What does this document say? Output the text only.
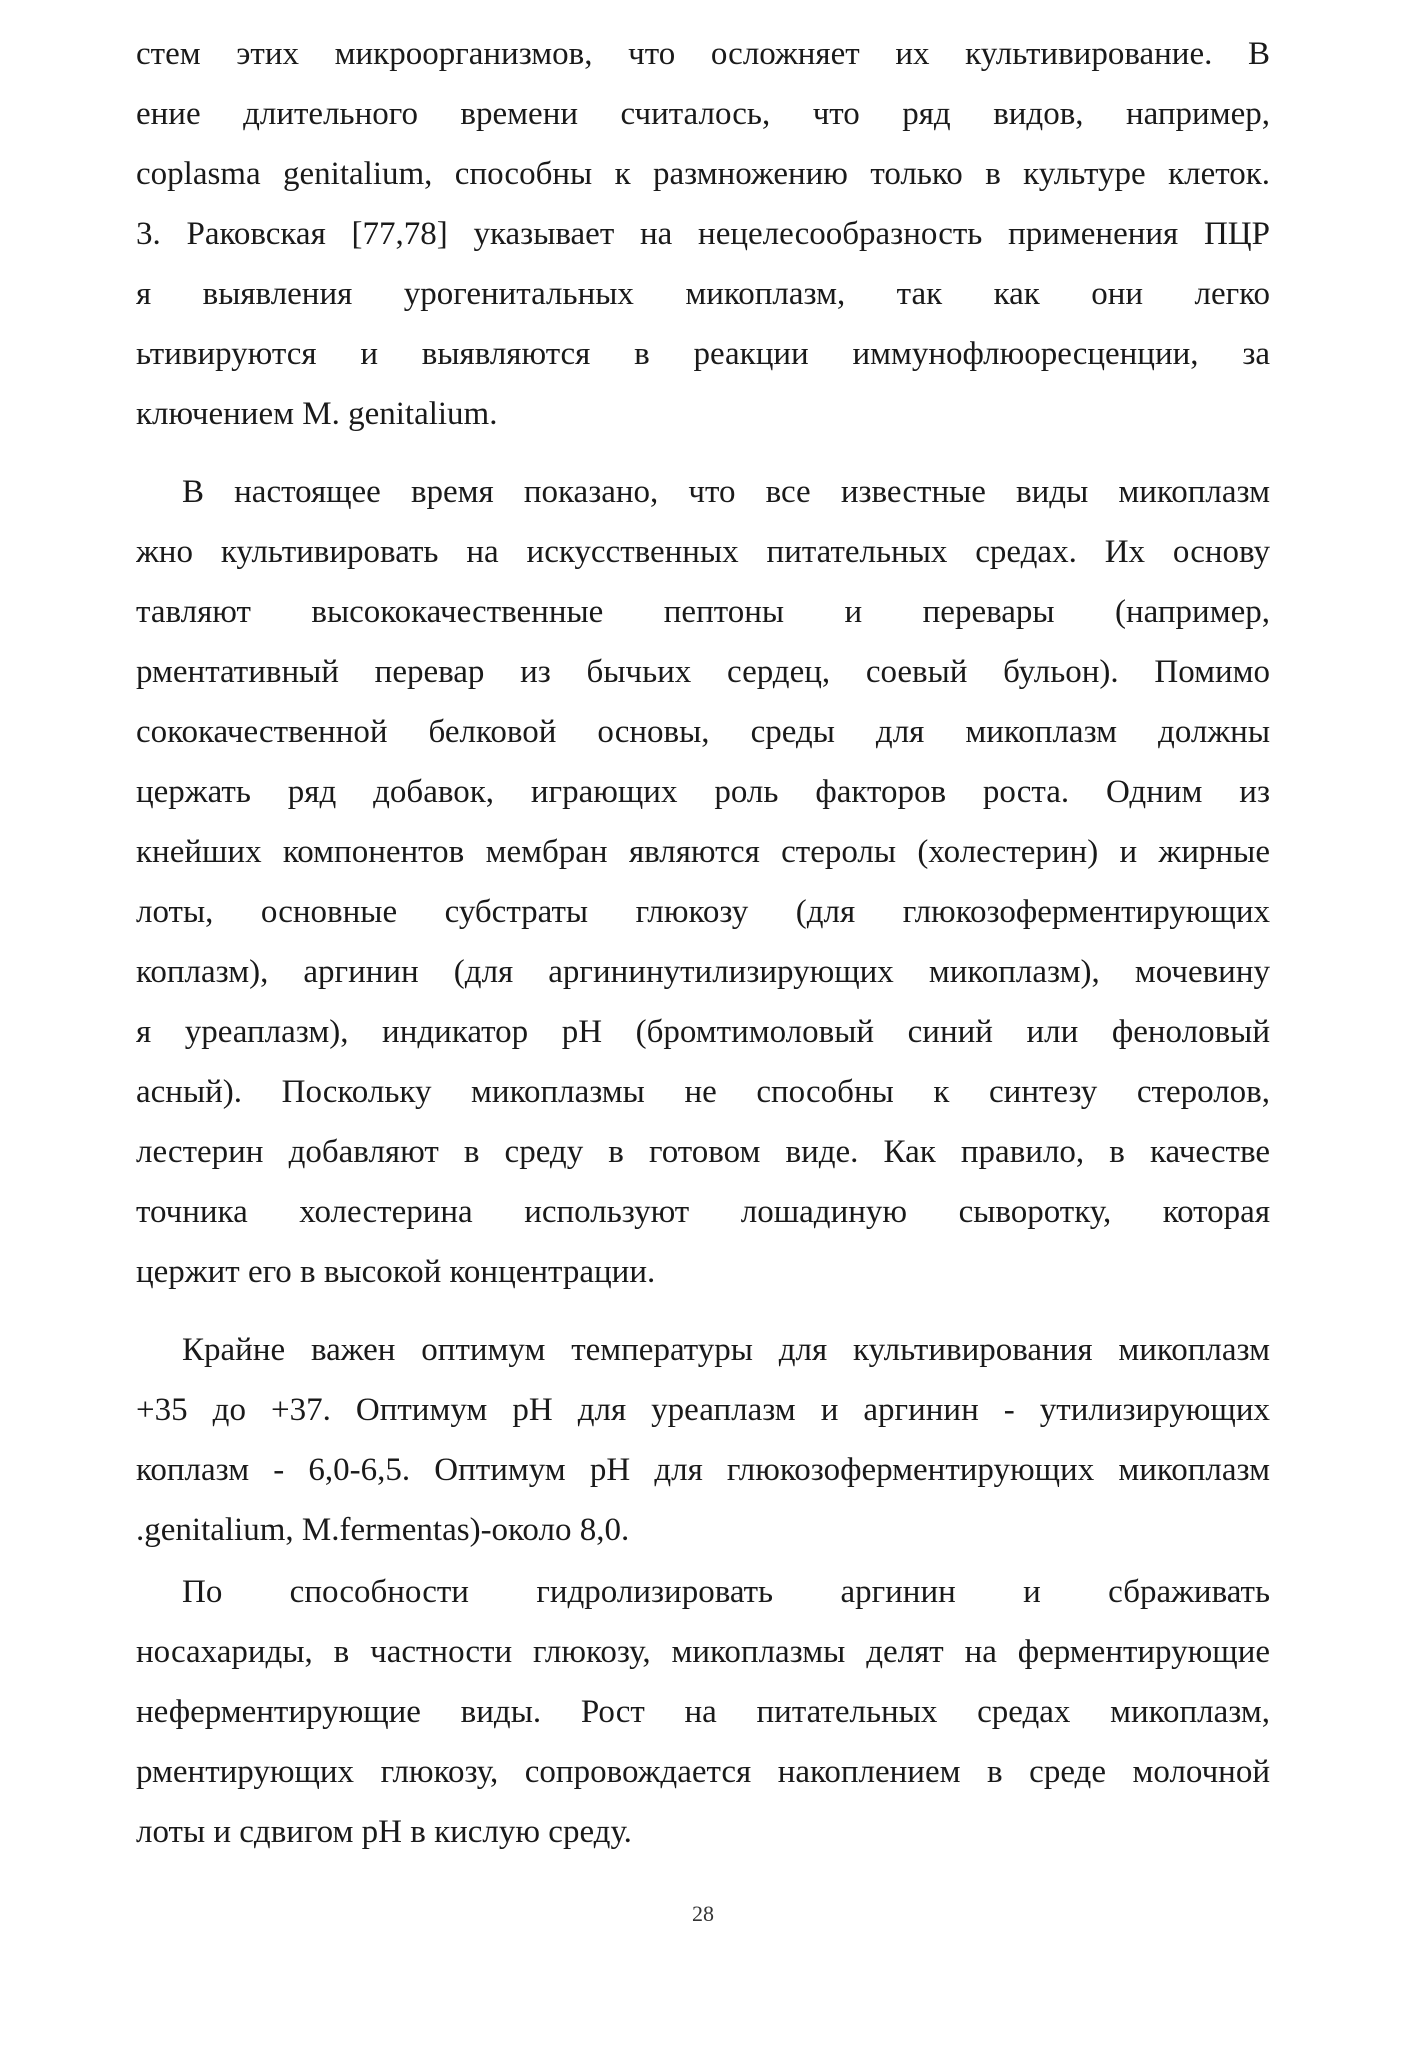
стем этих микроорганизмов, что осложняет их культивирование. В
ение длительного времени считалось, что ряд видов, например,
coplasma genitalium, способны к размножению только в культуре клеток.
3. Раковская [77,78] указывает на нецелесообразность применения ПЦР
я выявления урогенитальных микоплазм, так как они легко
ьтивируются и выявляются в реакции иммунофлюоресценции, за
ключением M. genitalium.
В настоящее время показано, что все известные виды микоплазм
жно культивировать на искусственных питательных средах. Их основу
тавляют высококачественные пептоны и перевары (например,
рментативный перевар из бычьих сердец, соевый бульон). Помимо
сококачественной белковой основы, среды для микоплазм должны
цержать ряд добавок, играющих роль факторов роста. Одним из
кнейших компонентов мембран являются стеролы (холестерин) и жирные
лоты, основные субстраты глюкозу (для глюкозоферментирующих
коплазм), аргинин (для аргининутилизирующих микоплазм), мочевину
я уреаплазм), индикатор pH (бромтимоловый синий или феноловый
асный). Поскольку микоплазмы не способны к синтезу стеролов,
лестерин добавляют в среду в готовом виде. Как правило, в качестве
точника холестерина используют лошадиную сыворотку, которая
цержит его в высокой концентрации.
Крайне важен оптимум температуры для культивирования микоплазм
+35 до +37. Оптимум pH для уреаплазм и аргинин - утилизирующих
коплазм - 6,0-6,5. Оптимум pH для глюкозоферментирующих микоплазм
.genitalium, M.fermentas)-около 8,0.
По способности гидролизировать аргинин и сбраживать
носахариды, в частности глюкозу, микоплазмы делят на ферментирующие
неферментирующие виды. Рост на питательных средах микоплазм,
рментирующих глюкозу, сопровождается накоплением в среде молочной
лоты и сдвигом pH в кислую среду.
28
